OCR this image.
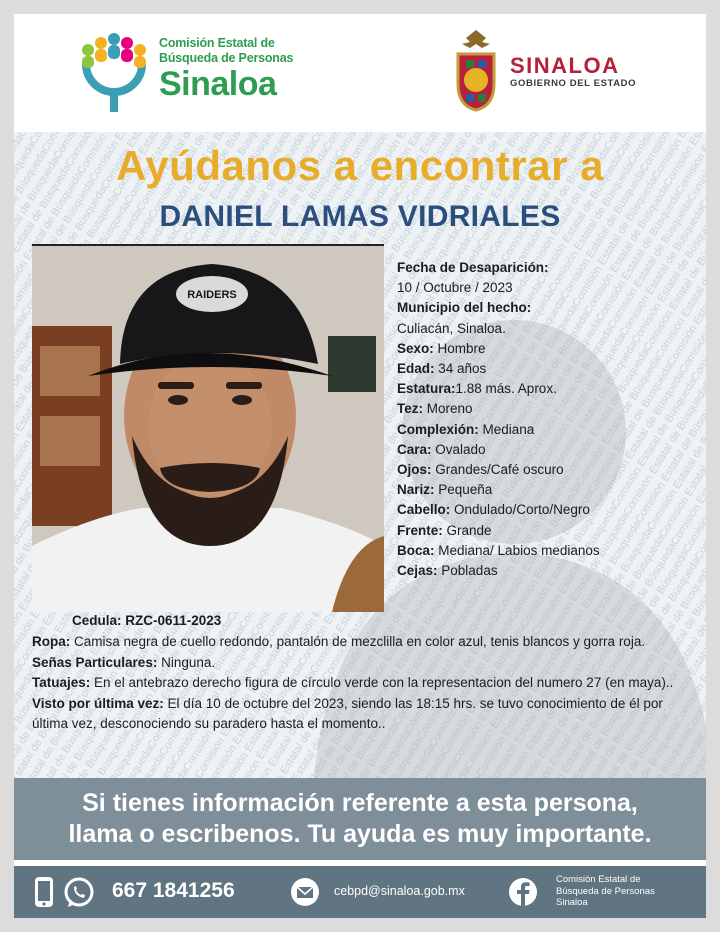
Comisión Estatal de
Búsqueda de Personas
Sinaloa	SINALOA
GOBIERNO DEL ESTADO
Ayúdanos a encontrar a
DANIEL LAMAS VIDRIALES
RAIDERS
Fecha de Desaparición:
10 / Octubre / 2023
Municipio del hecho:
Culiacán, Sinaloa.
Sexo: Hombre
Edad: 34 años
Estatura:1.88 más. Aprox.
Tez: Moreno
Complexión: Mediana
Cara: Ovalado
Ojos: Grandes/Café oscuro
Nariz: Pequeña
Cabello: Ondulado/Corto/Negro
Frente: Grande
Boca: Mediana/ Labios medianos
Cejas: Pobladas
Cedula: RZC-0611-2023

Ropa: Camisa negra de cuello redondo, pantalón de mezclilla en color azul, tenis blancos y gorra roja.

Señas Particulares: Ninguna.

Tatuajes: En el antebrazo derecho figura de círculo verde con la representacion del numero 27 (en maya)..

Visto por última vez: El día 10 de octubre del 2023, siendo las 18:15 hrs. se tuvo conocimiento de él por última vez, desconociendo su paradero hasta el momento..

Si tienes información referente a esta persona,
llama o escribenos. Tu ayuda es muy importante.
667 1841256	cebpd@sinaloa.gob.mx
Comisión Estatal de
Búsqueda de Personas
Sinaloa
